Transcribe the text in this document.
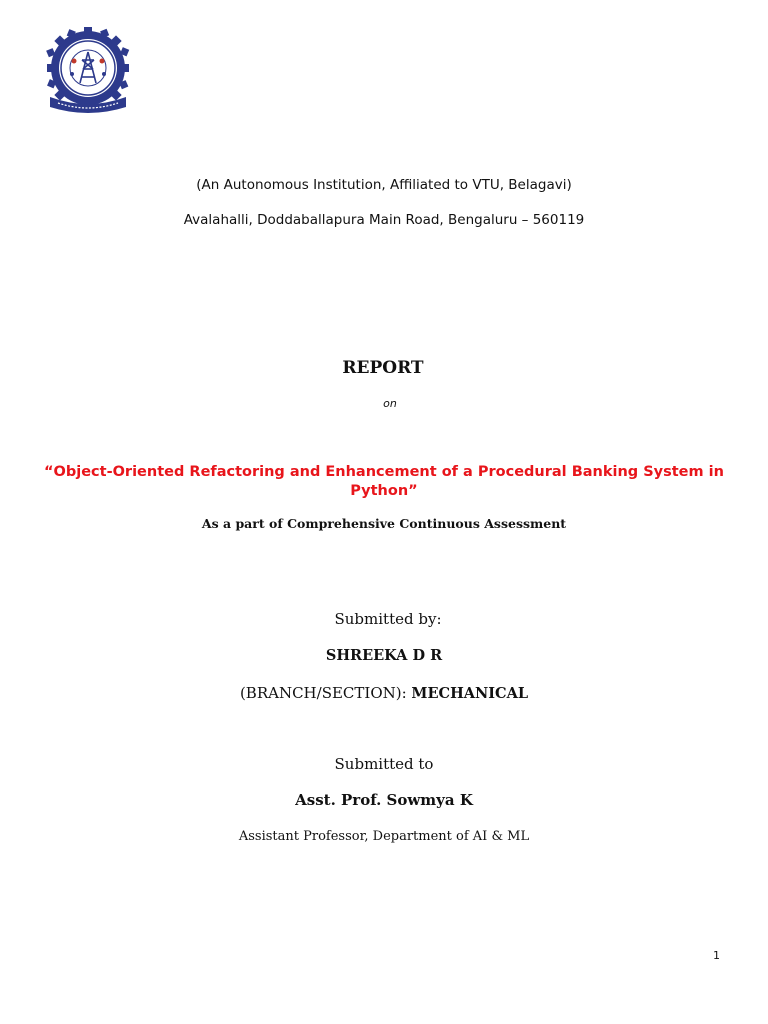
(An Autonomous Institution, Affiliated to VTU, Belagavi)
Avalahalli, Doddaballapura Main Road, Bengaluru – 560119
REPORT
on
“Object-Oriented Refactoring and Enhancement of a Procedural Banking System in Python”
As a part of Comprehensive Continuous Assessment
Submitted by:
SHREEKA D R
(BRANCH/SECTION): MECHANICAL
Submitted to
Asst. Prof. Sowmya K
Assistant Professor, Department of AI & ML
1
